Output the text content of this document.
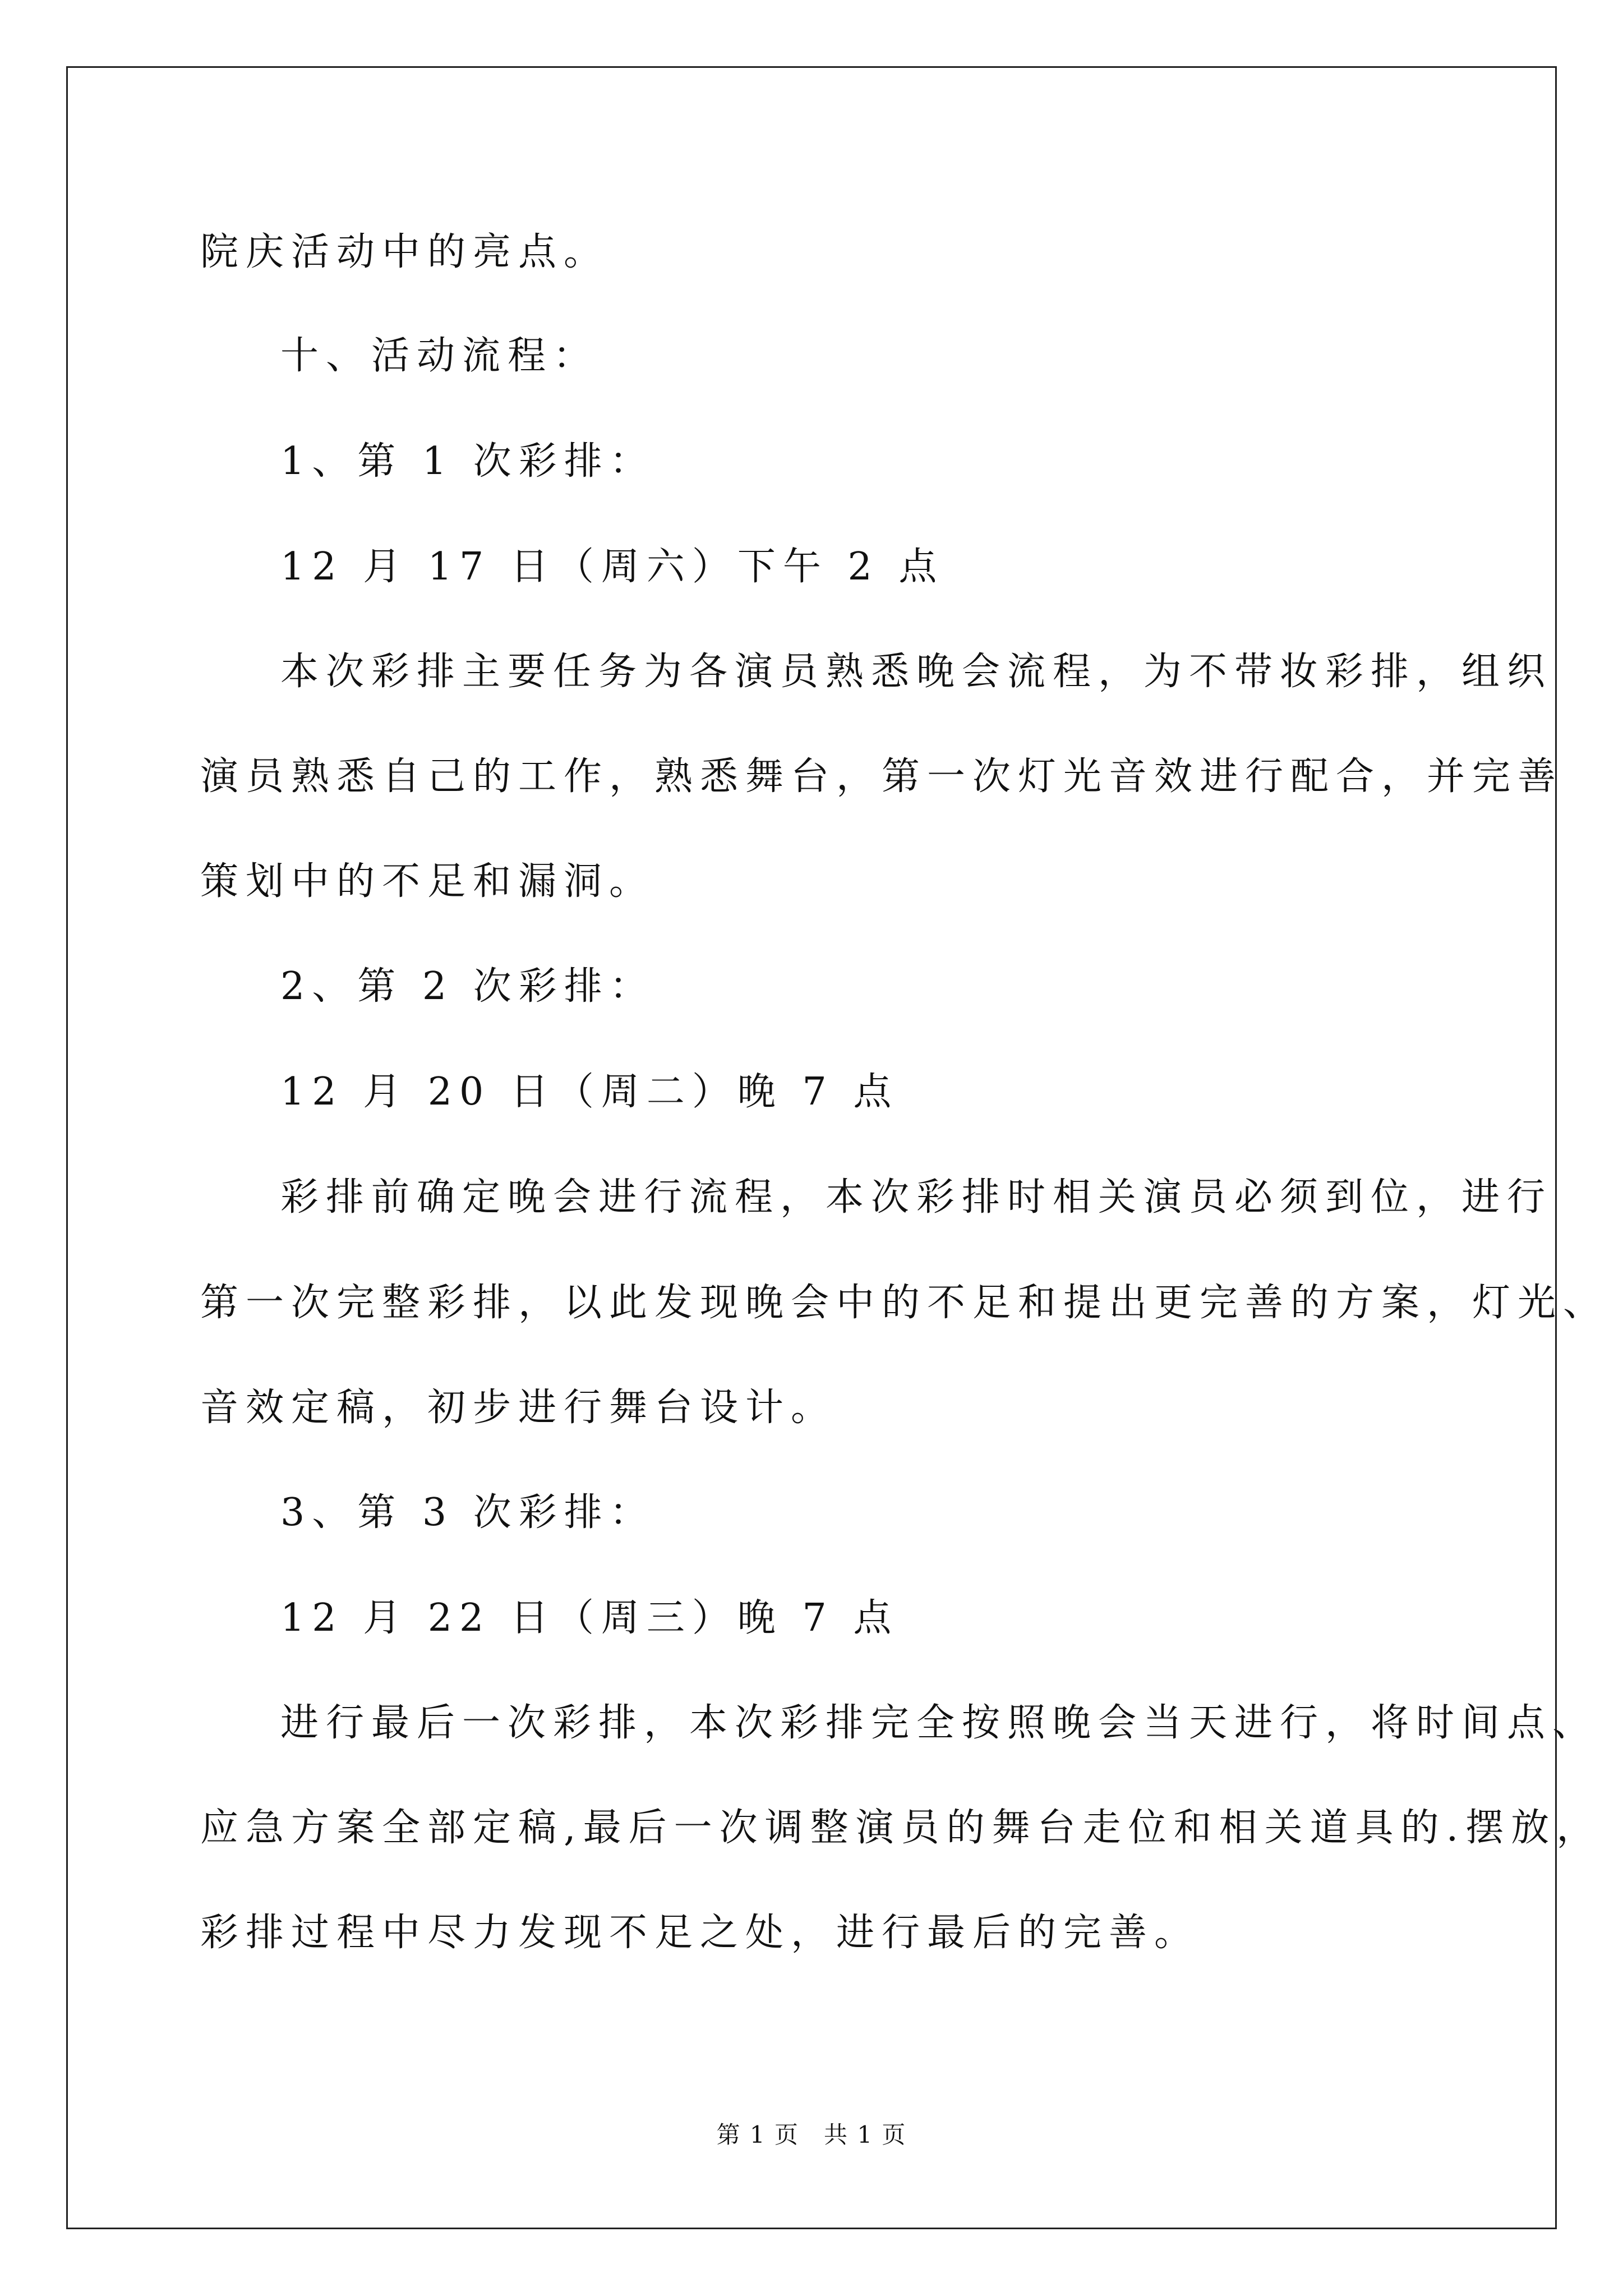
院庆活动中的亮点。
十、活动流程：
1、第 1 次彩排：
12 月 17 日（周六）下午 2 点
本次彩排主要任务为各演员熟悉晚会流程，为不带妆彩排，组织
演员熟悉自己的工作，熟悉舞台，第一次灯光音效进行配合，并完善
策划中的不足和漏洞。
2、第 2 次彩排：
12 月 20 日（周二）晚 7 点
彩排前确定晚会进行流程，本次彩排时相关演员必须到位，进行
第一次完整彩排，以此发现晚会中的不足和提出更完善的方案，灯光、
音效定稿，初步进行舞台设计。
3、第 3 次彩排：
12 月 22 日（周三）晚 7 点
进行最后一次彩排，本次彩排完全按照晚会当天进行，将时间点、
应急方案全部定稿,最后一次调整演员的舞台走位和相关道具的.摆放，
彩排过程中尽力发现不足之处，进行最后的完善。
第 1 页　共 1 页
